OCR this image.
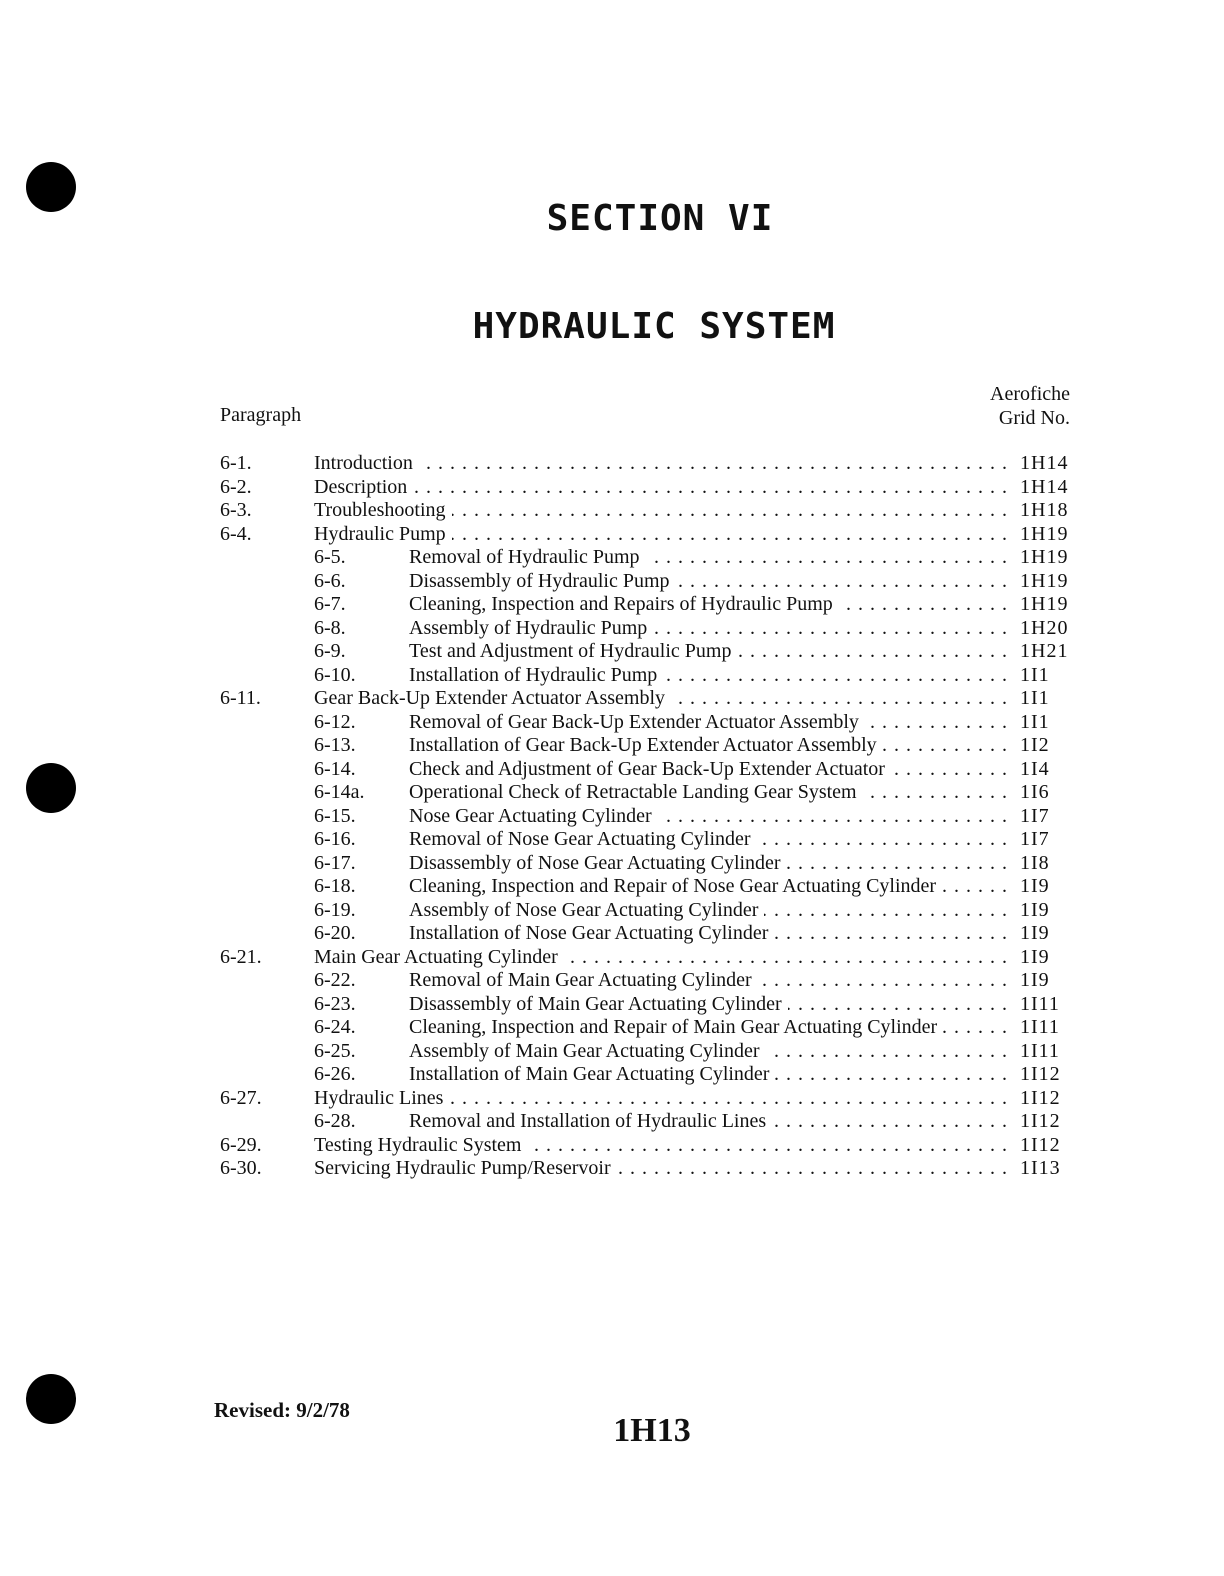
SECTION VI
HYDRAULIC SYSTEM
Paragraph
Aerofiche
Grid No.
6-1.	Introduction . . .	1H14
6-2.	Description . . .	1H14
6-3.	Troubleshooting . . .	1H18
6-4.	Hydraulic Pump . . .	1H19
6-5.	Removal of Hydraulic Pump . . .	1H19
6-6.	Disassembly of Hydraulic Pump . . .	1H19
6-7.	Cleaning, Inspection and Repairs of Hydraulic Pump . . .	1H19
6-8.	Assembly of Hydraulic Pump . . .	1H20
6-9.	Test and Adjustment of Hydraulic Pump . . .	1H21
6-10.	Installation of Hydraulic Pump . . .	1I1
6-11.	Gear Back-Up Extender Actuator Assembly . . .	1I1
6-12.	Removal of Gear Back-Up Extender Actuator Assembly . . .	1I1
6-13.	Installation of Gear Back-Up Extender Actuator Assembly . . .	1I2
6-14.	Check and Adjustment of Gear Back-Up Extender Actuator . . .	1I4
6-14a. Operational Check of Retractable Landing Gear System . . .	1I6
6-15.	Nose Gear Actuating Cylinder . . .	1I7
6-16.	Removal of Nose Gear Actuating Cylinder . . .	1I7
6-17.	Disassembly of Nose Gear Actuating Cylinder . . .	1I8
6-18.	Cleaning, Inspection and Repair of Nose Gear Actuating Cylinder . . .	1I9
6-19.	Assembly of Nose Gear Actuating Cylinder . . .	1I9
6-20.	Installation of Nose Gear Actuating Cylinder . . .	1I9
6-21.	Main Gear Actuating Cylinder . . .	1I9
6-22.	Removal of Main Gear Actuating Cylinder . . .	1I9
6-23.	Disassembly of Main Gear Actuating Cylinder . . .	1I11
6-24.	Cleaning, Inspection and Repair of Main Gear Actuating Cylinder . . .	1I11
6-25.	Assembly of Main Gear Actuating Cylinder . . .	1I11
6-26.	Installation of Main Gear Actuating Cylinder . . .	1I12
6-27.	Hydraulic Lines . . .	1I12
6-28.	Removal and Installation of Hydraulic Lines . . .	1I12
6-29.	Testing Hydraulic System . . .	1I12
6-30.	Servicing Hydraulic Pump/Reservoir . . .	1I13
Revised: 9/2/78
1H13
